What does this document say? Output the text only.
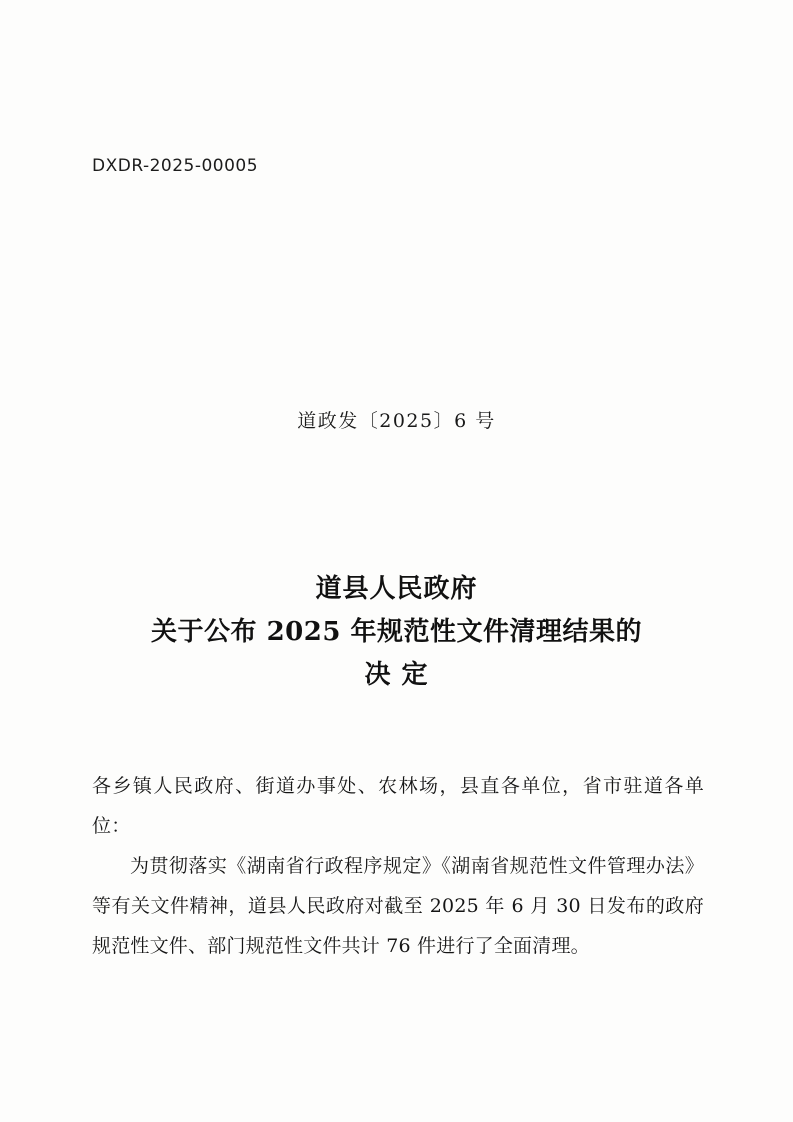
DXDR-2025-00005
道政发〔2025〕6 号
道县人民政府
关于公布 2025 年规范性文件清理结果的
决 定

各乡镇人民政府、街道办事处、农林场，县直各单位，省市驻道各单位：

为贯彻落实《湖南省行政程序规定》《湖南省规范性文件管理办法》等有关文件精神，道县人民政府对截至 2025 年 6 月 30 日发布的政府规范性文件、部门规范性文件共计 76 件进行了全面清理。
